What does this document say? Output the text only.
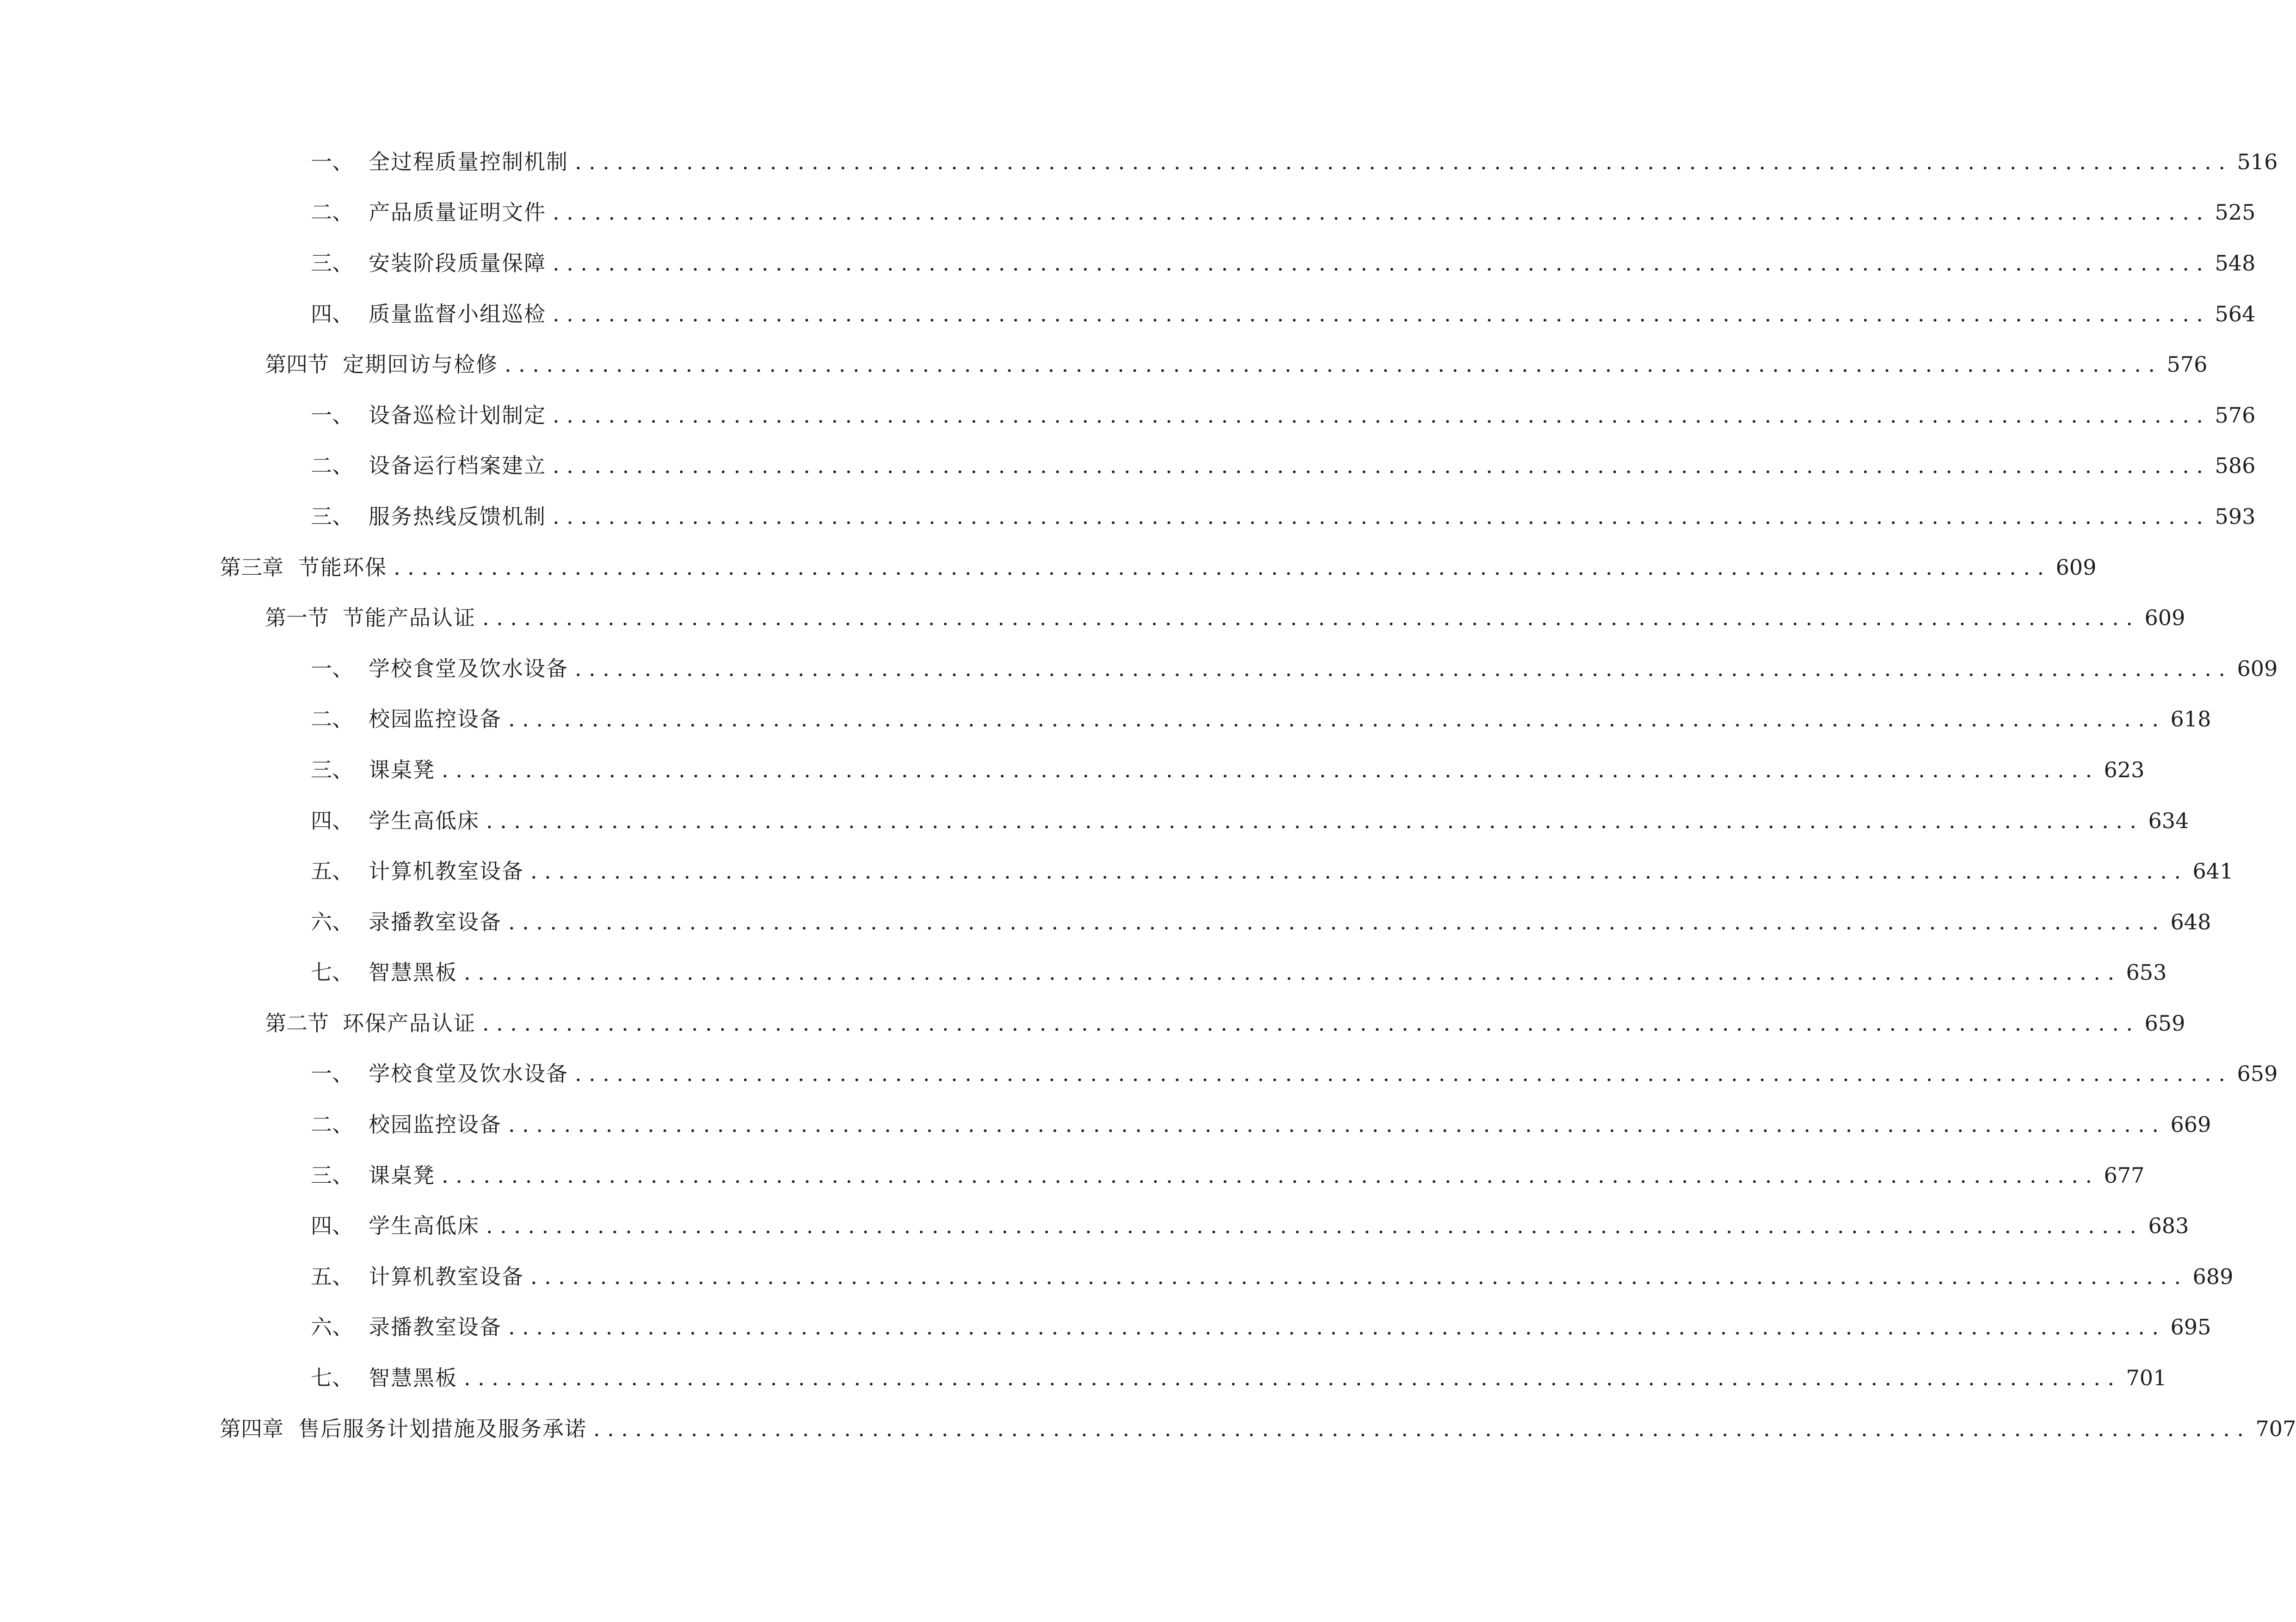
一、 全过程质量控制机制 ....................................................................................................................... 516
二、 产品质量证明文件 ....................................................................................................................... 525
三、 安装阶段质量保障 ....................................................................................................................... 548
四、 质量监督小组巡检 ....................................................................................................................... 564
第四节 定期回访与检修 ....................................................................................................................... 576
一、 设备巡检计划制定 ....................................................................................................................... 576
二、 设备运行档案建立 ....................................................................................................................... 586
三、 服务热线反馈机制 ....................................................................................................................... 593
第三章 节能环保 ....................................................................................................................... 609
第一节 节能产品认证 ....................................................................................................................... 609
一、 学校食堂及饮水设备 ....................................................................................................................... 609
二、 校园监控设备 ....................................................................................................................... 618
三、 课桌凳 ....................................................................................................................... 623
四、 学生高低床 ....................................................................................................................... 634
五、 计算机教室设备 ....................................................................................................................... 641
六、 录播教室设备 ....................................................................................................................... 648
七、 智慧黑板 ....................................................................................................................... 653
第二节 环保产品认证 ....................................................................................................................... 659
一、 学校食堂及饮水设备 ....................................................................................................................... 659
二、 校园监控设备 ....................................................................................................................... 669
三、 课桌凳 ....................................................................................................................... 677
四、 学生高低床 ....................................................................................................................... 683
五、 计算机教室设备 ....................................................................................................................... 689
六、 录播教室设备 ....................................................................................................................... 695
七、 智慧黑板 ....................................................................................................................... 701
第四章 售后服务计划措施及服务承诺 ....................................................................................................................... 707
